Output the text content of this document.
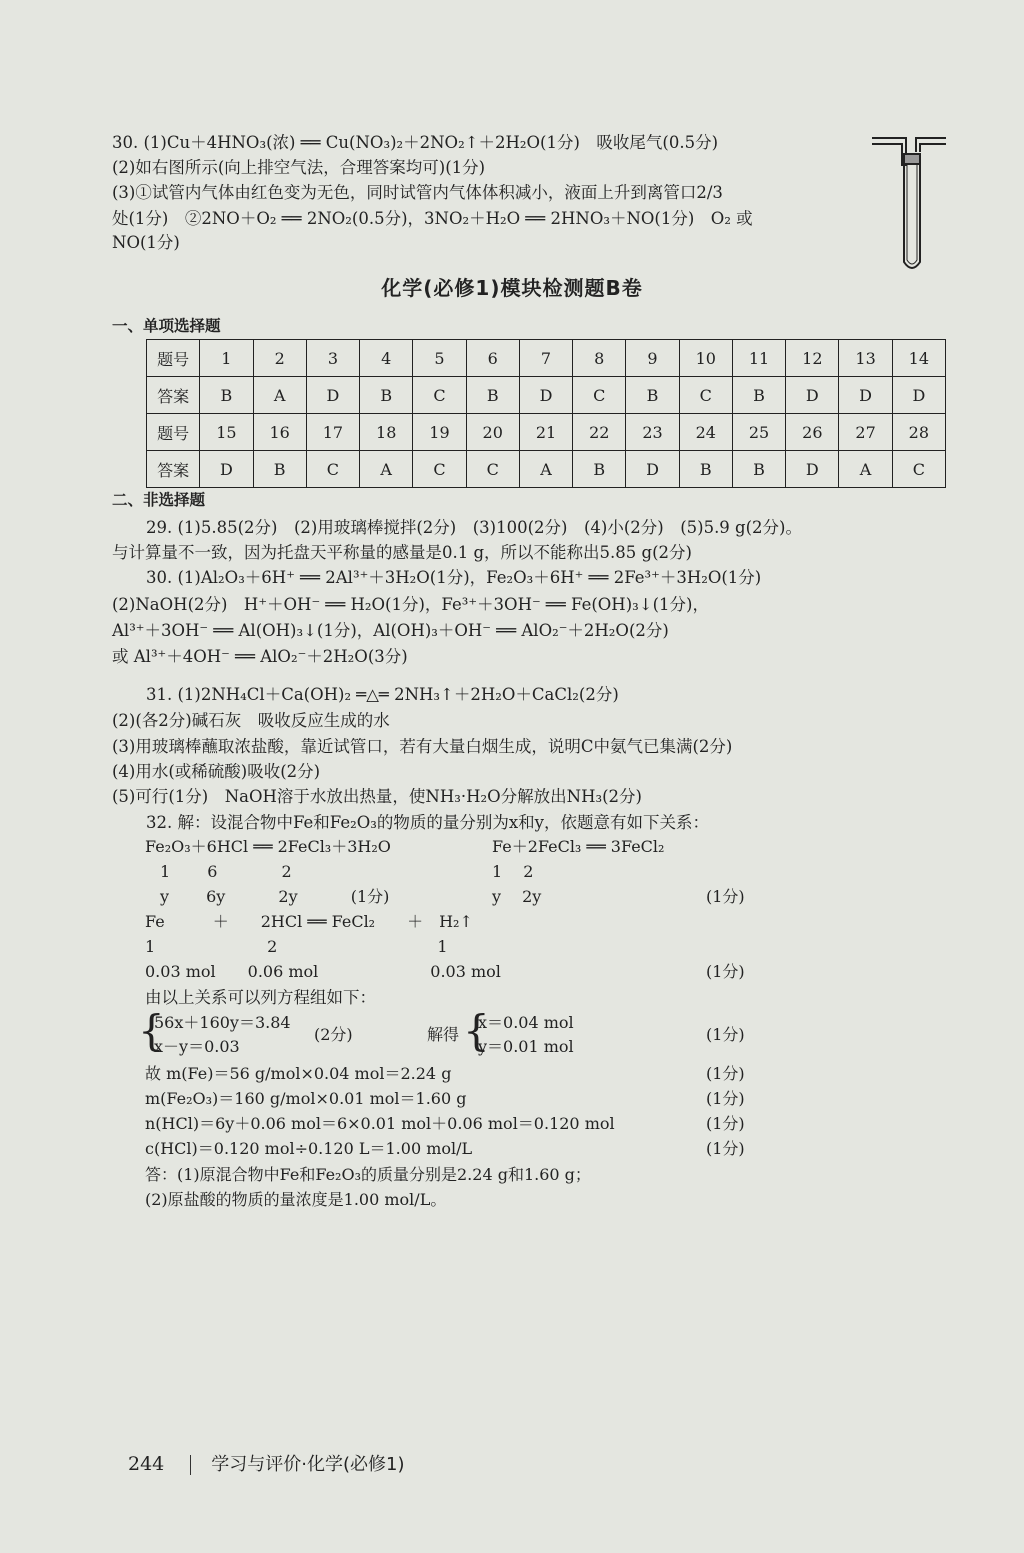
30. (1)Cu＋4HNO₃(浓) ══ Cu(NO₃)₂＋2NO₂↑＋2H₂O(1分)　吸收尾气(0.5分)
(2)如右图所示(向上排空气法，合理答案均可)(1分)
(3)①试管内气体由红色变为无色，同时试管内气体体积减小，液面上升到离管口2/3
处(1分)　②2NO＋O₂ ══ 2NO₂(0.5分)，3NO₂＋H₂O ══ 2HNO₃＋NO(1分)　O₂ 或
NO(1分)
化学(必修1)模块检测题B卷
一、单项选择题
题号	1	2	3	4	5	6	7	8	9	10	11	12	13	14
答案	B	A	D	B	C	B	D	C	B	C	B	D	D	D
题号	15	16	17	18	19	20	21	22	23	24	25	26	27	28
答案	D	B	C	A	C	C	A	B	D	B	B	D	A	C
二、非选择题
29. (1)5.85(2分)　(2)用玻璃棒搅拌(2分)　(3)100(2分)　(4)小(2分)　(5)5.9 g(2分)。
与计算量不一致，因为托盘天平称量的感量是0.1 g，所以不能称出5.85 g(2分)
30. (1)Al₂O₃＋6H⁺ ══ 2Al³⁺＋3H₂O(1分)，Fe₂O₃＋6H⁺ ══ 2Fe³⁺＋3H₂O(1分)
(2)NaOH(2分)　H⁺＋OH⁻ ══ H₂O(1分)，Fe³⁺＋3OH⁻ ══ Fe(OH)₃↓(1分)，
Al³⁺＋3OH⁻ ══ Al(OH)₃↓(1分)，Al(OH)₃＋OH⁻ ══ AlO₂⁻＋2H₂O(2分)
或 Al³⁺＋4OH⁻ ══ AlO₂⁻＋2H₂O(3分)
31. (1)2NH₄Cl＋Ca(OH)₂ ═△═ 2NH₃↑＋2H₂O＋CaCl₂(2分)
(2)(各2分)碱石灰　吸收反应生成的水
(3)用玻璃棒蘸取浓盐酸，靠近试管口，若有大量白烟生成，说明C中氨气已集满(2分)
(4)用水(或稀硫酸)吸收(2分)
(5)可行(1分)　NaOH溶于水放出热量，使NH₃·H₂O分解放出NH₃(2分)
32. 解：设混合物中Fe和Fe₂O₃的物质的量分别为x和y，依题意有如下关系：
Fe₂O₃＋6HCl ══ 2FeCl₃＋3H₂O
1　　 6　　　　2
y　　 6y　　　 2y　　　 (1分)
Fe＋2FeCl₃ ══ 3FeCl₂
1　 2
y　 2y	(1分)
Fe　　　＋　　2HCl ══ FeCl₂　　＋　H₂↑
1　　　　　　　2　　　　　　　　　　1
0.03 mol　　0.06 mol　　　　　　　0.03 mol	(1分)
由以上关系可以列方程组如下：
{
56x＋160y＝3.84
x－y＝0.03
(2分)	解得 {
x＝0.04 mol
y＝0.01 mol
(1分)
故 m(Fe)＝56 g/mol×0.04 mol＝2.24 g	(1分)
m(Fe₂O₃)＝160 g/mol×0.01 mol＝1.60 g	(1分)
n(HCl)＝6y＋0.06 mol＝6×0.01 mol＋0.06 mol＝0.120 mol	(1分)
c(HCl)＝0.120 mol÷0.120 L＝1.00 mol/L	(1分)
答：(1)原混合物中Fe和Fe₂O₃的质量分别是2.24 g和1.60 g；
(2)原盐酸的物质的量浓度是1.00 mol/L。
244	学习与评价·化学(必修1)
